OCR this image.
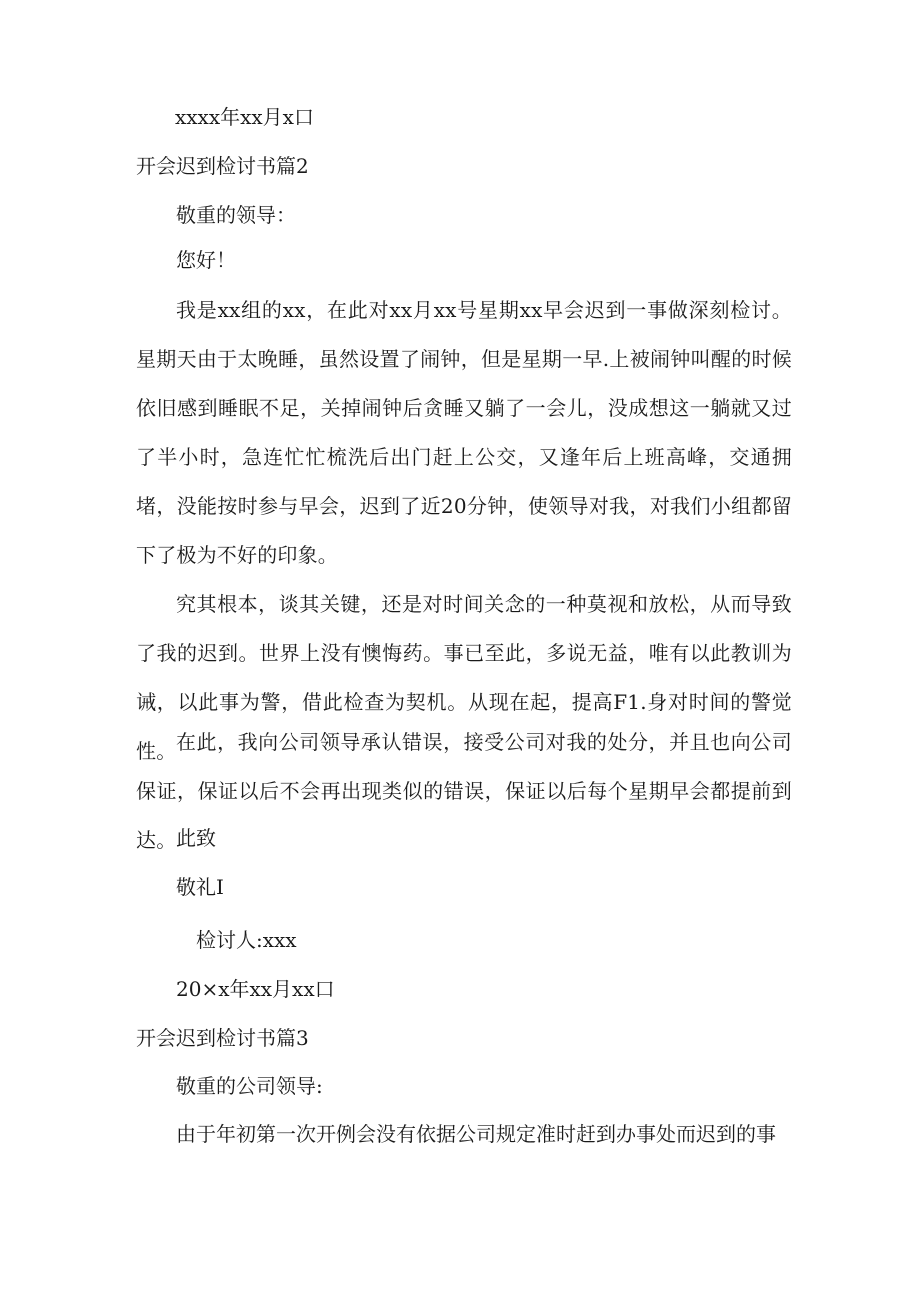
xxxx年xx月x口
开会迟到检讨书篇2
敬重的领导：
您好！
我是xx组的xx，在此对xx月xx号星期xx早会迟到一事做深刻检讨。星期天由于太晚睡，虽然设置了闹钟，但是星期一早.上被闹钟叫醒的时候依旧感到睡眠不足，关掉闹钟后贪睡又躺了一会儿，没成想这一躺就又过了半小时，急连忙忙梳洗后出门赶上公交，又逢年后上班高峰，交通拥堵，没能按时参与早会，迟到了近20分钟，使领导对我，对我们小组都留下了极为不好的印象。
究其根本，谈其关键，还是对时间关念的一种莫视和放松，从而导致了我的迟到。世界上没有懊悔药。事已至此，多说无益，唯有以此教训为诫，以此事为警，借此检查为契机。从现在起，提高F1.身对时间的警觉性。 在此，我向公司领导承认错误，接受公司对我的处分，并且也向公司保证，保证以后不会再出现类似的错误，保证以后每个星期早会都提前到达。 此致
敬礼I
检讨人:xxx
20×x年xx月xx口
开会迟到检讨书篇3
敬重的公司领导:
由于年初第一次开例会没有依据公司规定准时赶到办事处而迟到的事
